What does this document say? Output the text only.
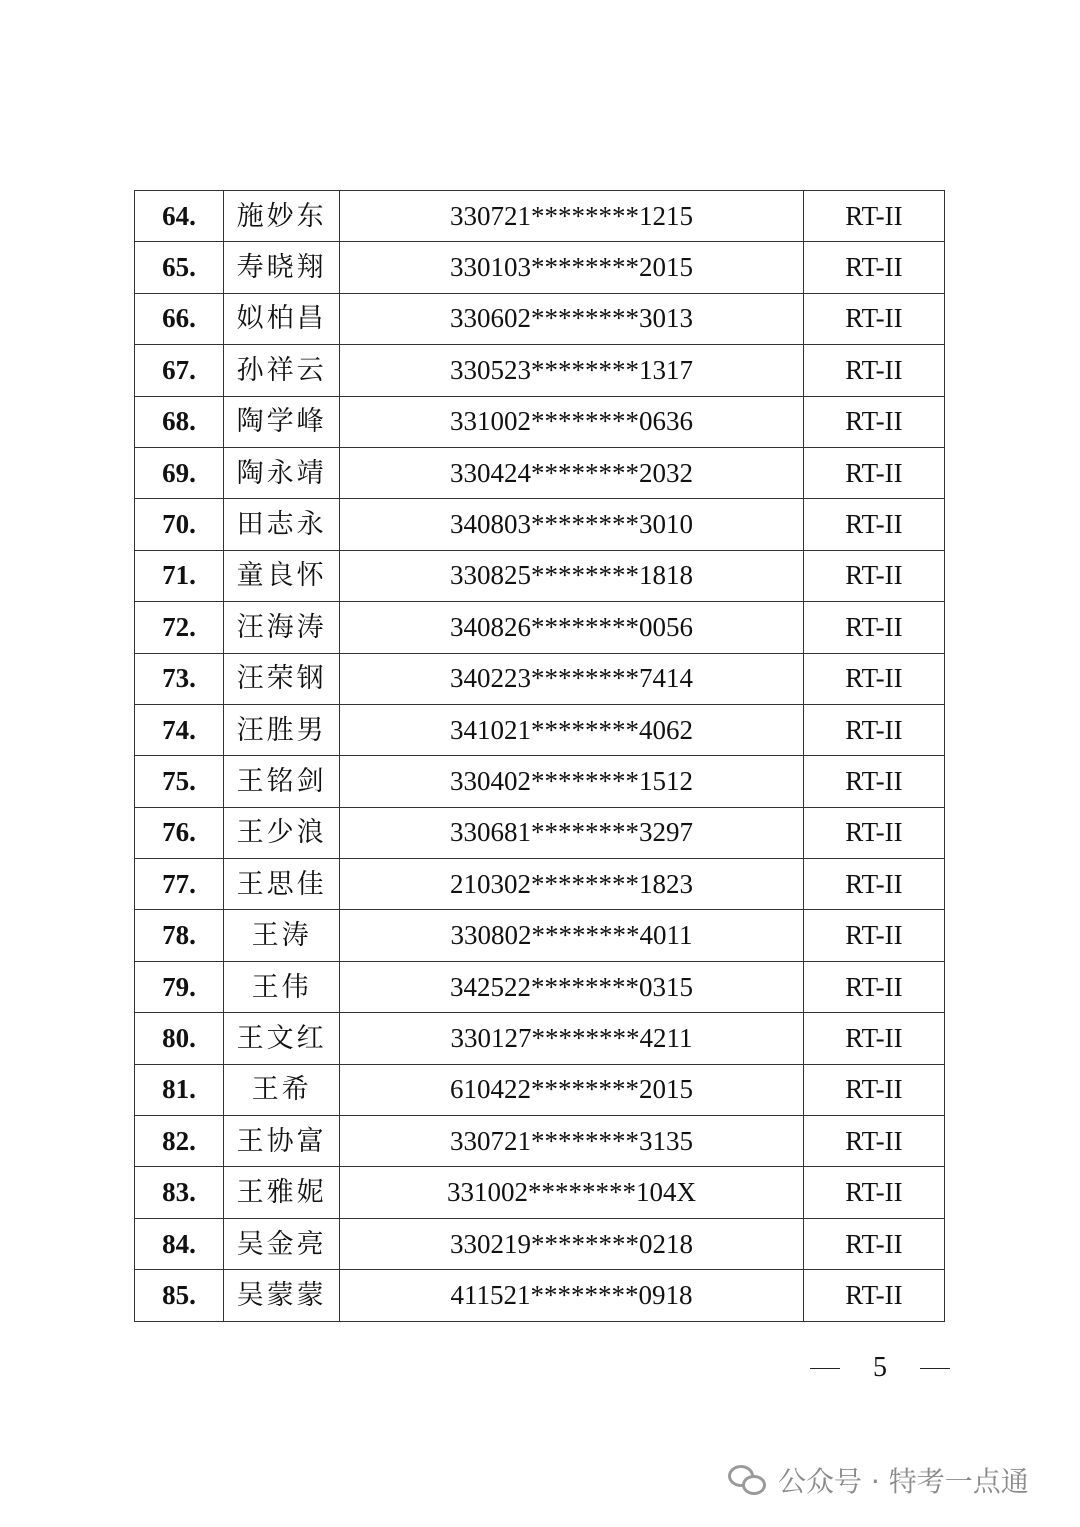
64.	施妙东	330721********1215	RT-II
65.	寿晓翔	330103********2015	RT-II
66.	姒柏昌	330602********3013	RT-II
67.	孙祥云	330523********1317	RT-II
68.	陶学峰	331002********0636	RT-II
69.	陶永靖	330424********2032	RT-II
70.	田志永	340803********3010	RT-II
71.	童良怀	330825********1818	RT-II
72.	汪海涛	340826********0056	RT-II
73.	汪荣钢	340223********7414	RT-II
74.	汪胜男	341021********4062	RT-II
75.	王铭剑	330402********1512	RT-II
76.	王少浪	330681********3297	RT-II
77.	王思佳	210302********1823	RT-II
78.	王涛	330802********4011	RT-II
79.	王伟	342522********0315	RT-II
80.	王文红	330127********4211	RT-II
81.	王希	610422********2015	RT-II
82.	王协富	330721********3135	RT-II
83.	王雅妮	331002********104X	RT-II
84.	吴金亮	330219********0218	RT-II
85.	吴蒙蒙	411521********0918	RT-II
5
公众号 · 特考一点通
